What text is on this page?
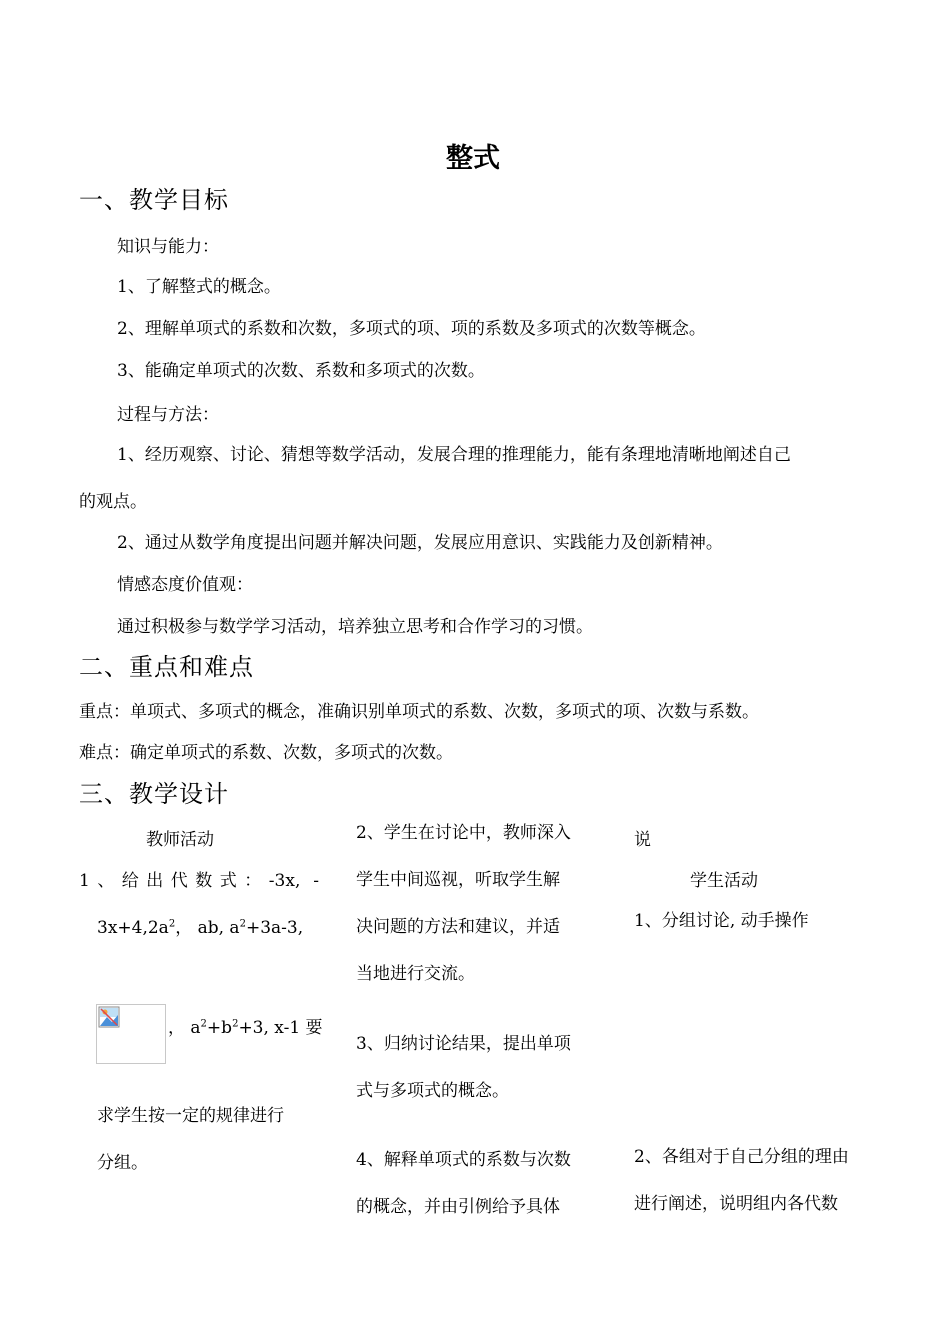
整式
一、教学目标
知识与能力：
1、了解整式的概念。
2、理解单项式的系数和次数，多项式的项、项的系数及多项式的次数等概念。
3、能确定单项式的次数、系数和多项式的次数。
过程与方法：
1、经历观察、讨论、猜想等数学活动，发展合理的推理能力，能有条理地清晰地阐述自己
的观点。
2、通过从数学角度提出问题并解决问题，发展应用意识、实践能力及创新精神。
情感态度价值观：
通过积极参与数学学习活动，培养独立思考和合作学习的习惯。
二、重点和难点
重点：单项式、多项式的概念，准确识别单项式的系数、次数，多项式的项、次数与系数。
难点：确定单项式的系数、次数，多项式的次数。
三、教学设计
教师活动
1、给出代数式：-3x, -
$3x+4,2a^2$， ab, $a^2+3a-3$,
， $a^2+b^2+3$, x-1 要
求学生按一定的规律进行
分组。
2、学生在讨论中，教师深入
学生中间巡视，听取学生解
决问题的方法和建议，并适
当地进行交流。
3、归纳讨论结果，提出单项
式与多项式的概念。
4、解释单项式的系数与次数
的概念，并由引例给予具体
说
学生活动
1、分组讨论, 动手操作
2、各组对于自己分组的理由
进行阐述，说明组内各代数
